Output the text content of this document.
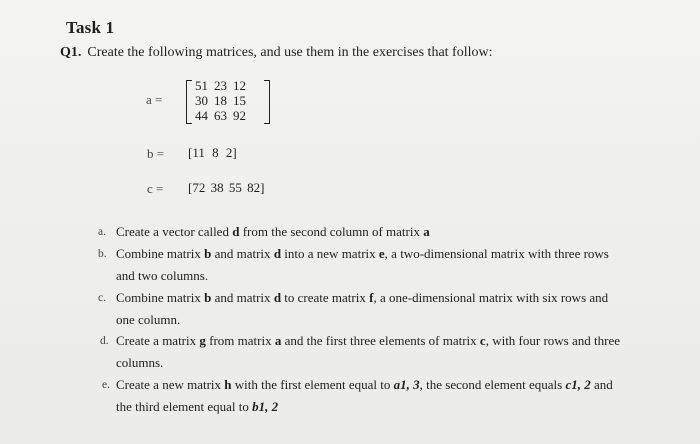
Task 1
Q1. Create the following matrices, and use them in the exercises that follow:
a =
51	23	12
30	18	15
44	63	92
b = [11 8 2]
c = [72 38 55 82]
a. Create a vector called d from the second column of matrix a
b. Combine matrix b and matrix d into a new matrix e, a two-dimensional matrix with three rows
and two columns.
c. Combine matrix b and matrix d to create matrix f, a one-dimensional matrix with six rows and
one column.
d. Create a matrix g from matrix a and the first three elements of matrix c, with four rows and three
columns.
e. Create a new matrix h with the first element equal to a1, 3, the second element equals c1, 2 and
the third element equal to b1, 2
